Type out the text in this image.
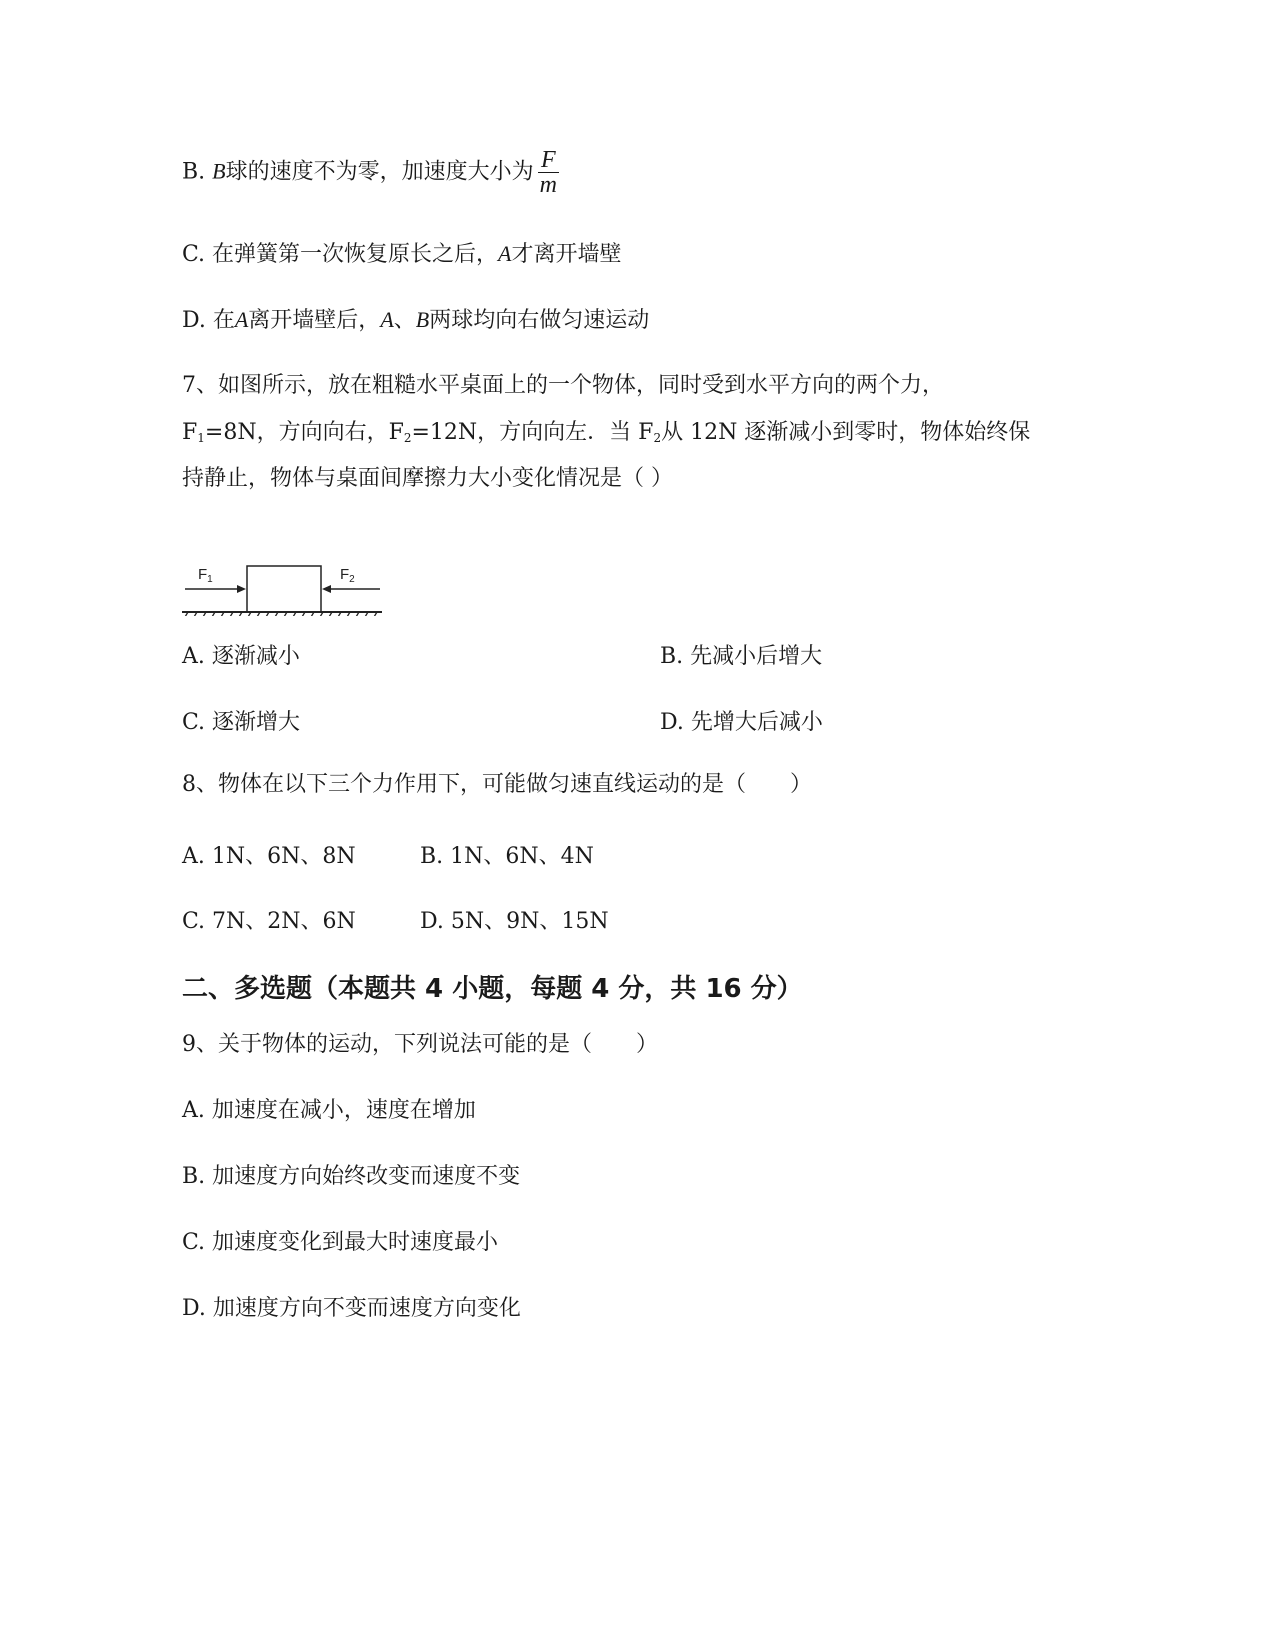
B. B球的速度不为零，加速度大小为 $\frac{F}{m}$
C. 在弹簧第一次恢复原长之后，A才离开墙壁
D. 在A离开墙壁后，A、B两球均向右做匀速运动
7、如图所示，放在粗糙水平桌面上的一个物体，同时受到水平方向的两个力，
$F_1=8N$，方向向右，$F_2=12N$，方向向左．当 $F_2$从 12N 逐渐减小到零时，物体始终保
持静止，物体与桌面间摩擦力大小变化情况是（ ）
$F_1$	$F_2$
A. 逐渐减小	B. 先减小后增大
C. 逐渐增大	D. 先增大后减小
8、物体在以下三个力作用下，可能做匀速直线运动的是（　　）
A. 1N、6N、8N	B. 1N、6N、4N
C. 7N、2N、6N	D. 5N、9N、15N
二、多选题（本题共 4 小题，每题 4 分，共 16 分）
9、关于物体的运动，下列说法可能的是（　　）
A. 加速度在减小，速度在增加
B. 加速度方向始终改变而速度不变
C. 加速度变化到最大时速度最小
D. 加速度方向不变而速度方向变化
